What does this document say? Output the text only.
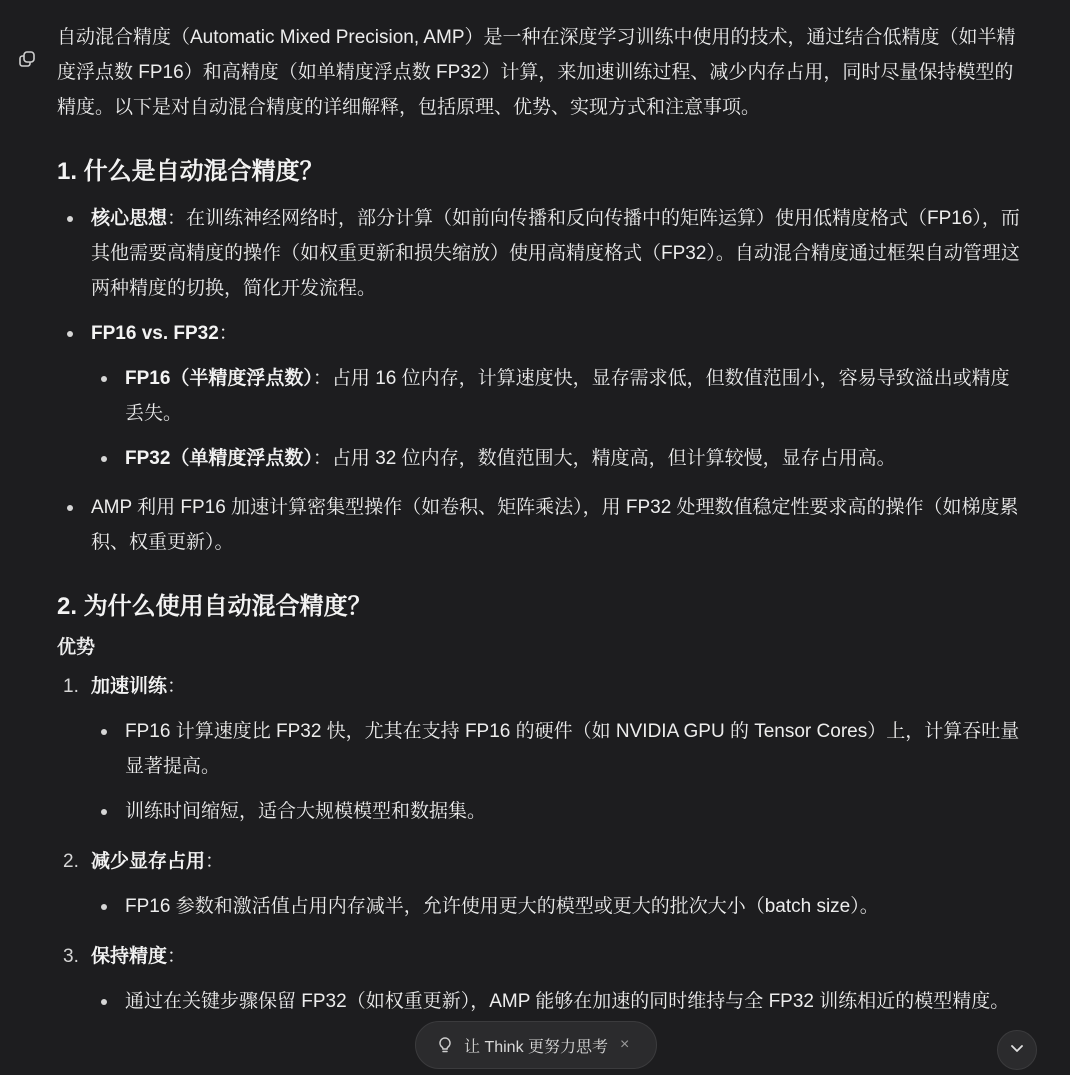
自动混合精度（Automatic Mixed Precision, AMP）是一种在深度学习训练中使用的技术，通过结合低精度（如半精度浮点数 FP16）和高精度（如单精度浮点数 FP32）计算，来加速训练过程、减少内存占用，同时尽量保持模型的精度。以下是对自动混合精度的详细解释，包括原理、优势、实现方式和注意事项。

1. 什么是自动混合精度？
核心思想：在训练神经网络时，部分计算（如前向传播和反向传播中的矩阵运算）使用低精度格式（FP16），而其他需要高精度的操作（如权重更新和损失缩放）使用高精度格式（FP32）。自动混合精度通过框架自动管理这两种精度的切换，简化开发流程。
FP16 vs. FP32：
FP16（半精度浮点数）：占用 16 位内存，计算速度快，显存需求低，但数值范围小，容易导致溢出或精度丢失。
FP32（单精度浮点数）：占用 32 位内存，数值范围大，精度高，但计算较慢，显存占用高。
AMP 利用 FP16 加速计算密集型操作（如卷积、矩阵乘法），用 FP32 处理数值稳定性要求高的操作（如梯度累积、权重更新）。
2. 为什么使用自动混合精度？

优势

1. 加速训练：
FP16 计算速度比 FP32 快，尤其在支持 FP16 的硬件（如 NVIDIA GPU 的 Tensor Cores）上，计算吞吐量显著提高。
训练时间缩短，适合大规模模型和数据集。
2. 减少显存占用：
FP16 参数和激活值占用内存减半，允许使用更大的模型或更大的批次大小（batch size）。
3. 保持精度：
通过在关键步骤保留 FP32（如权重更新），AMP 能够在加速的同时维持与全 FP32 训练相近的模型精度。
让 Think 更努力思考 ×
